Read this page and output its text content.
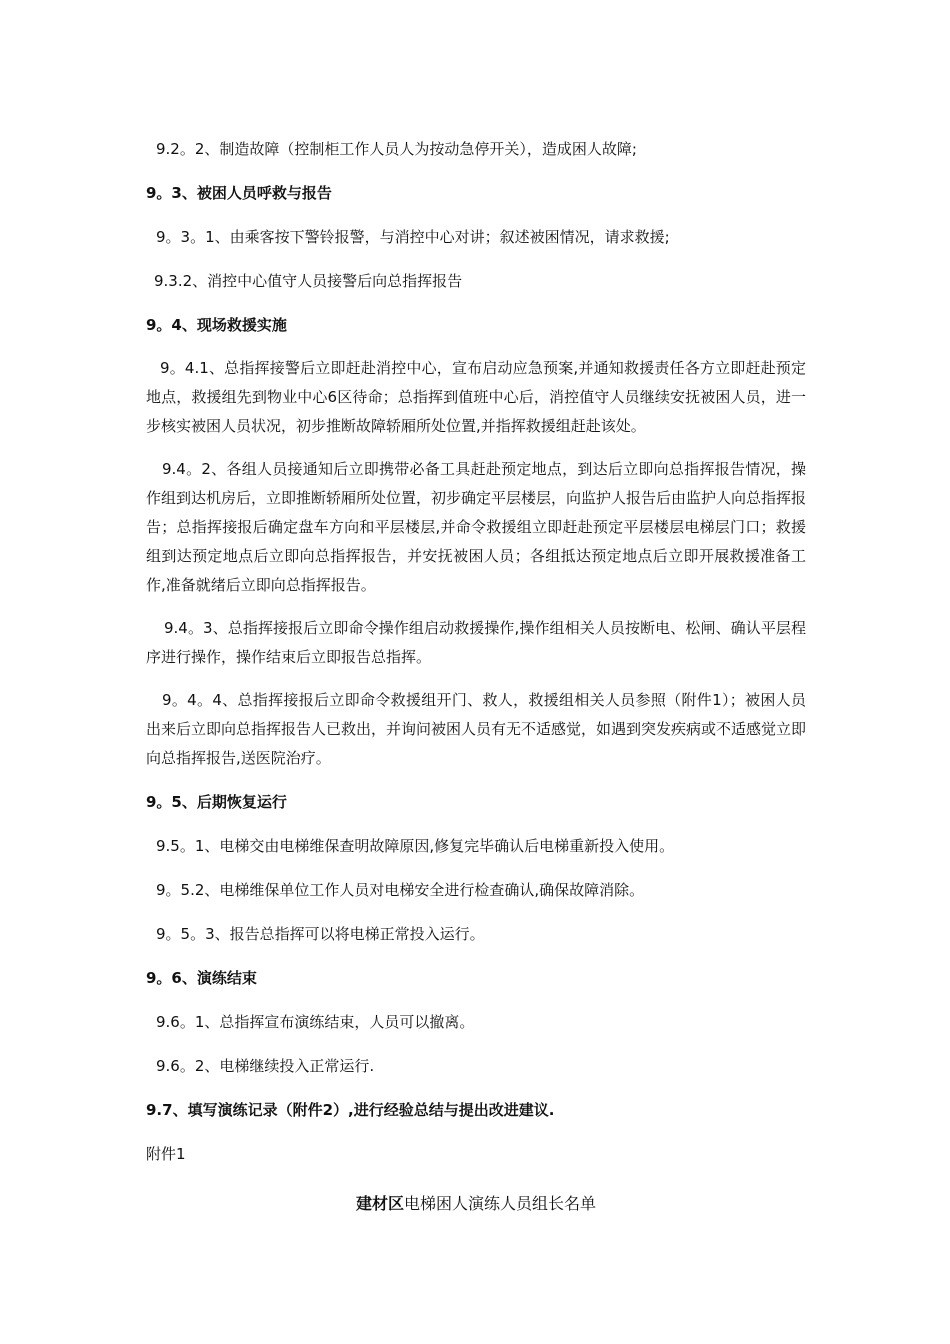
9.2。2、制造故障（控制柜工作人员人为按动急停开关），造成困人故障;

9。3、被困人员呼救与报告

9。3。1、由乘客按下警铃报警，与消控中心对讲；叙述被困情况，请求救援;

9.3.2、消控中心值守人员接警后向总指挥报告

9。4、现场救援实施

9。4.1、总指挥接警后立即赶赴消控中心，宣布启动应急预案,并通知救援责任各方立即赶赴预定地点，救援组先到物业中心6区待命；总指挥到值班中心后，消控值守人员继续安抚被困人员，进一步核实被困人员状况，初步推断故障轿厢所处位置,并指挥救援组赶赴该处。

9.4。2、各组人员接通知后立即携带必备工具赶赴预定地点，到达后立即向总指挥报告情况，操作组到达机房后，立即推断轿厢所处位置，初步确定平层楼层，向监护人报告后由监护人向总指挥报告；总指挥接报后确定盘车方向和平层楼层,并命令救援组立即赶赴预定平层楼层电梯层门口；救援组到达预定地点后立即向总指挥报告，并安抚被困人员；各组抵达预定地点后立即开展救援准备工作,准备就绪后立即向总指挥报告。

9.4。3、总指挥接报后立即命令操作组启动救援操作,操作组相关人员按断电、松闸、确认平层程序进行操作，操作结束后立即报告总指挥。

9。4。4、总指挥接报后立即命令救援组开门、救人，救援组相关人员参照（附件1）；被困人员出来后立即向总指挥报告人已救出，并询问被困人员有无不适感觉，如遇到突发疾病或不适感觉立即向总指挥报告,送医院治疗。

9。5、后期恢复运行

9.5。1、电梯交由电梯维保查明故障原因,修复完毕确认后电梯重新投入使用。

9。5.2、电梯维保单位工作人员对电梯安全进行检查确认,确保故障消除。

9。5。3、报告总指挥可以将电梯正常投入运行。

9。6、演练结束

9.6。1、总指挥宣布演练结束，人员可以撤离。

9.6。2、电梯继续投入正常运行.

9.7、填写演练记录（附件2）,进行经验总结与提出改进建议.

附件1

建材区电梯困人演练人员组长名单
